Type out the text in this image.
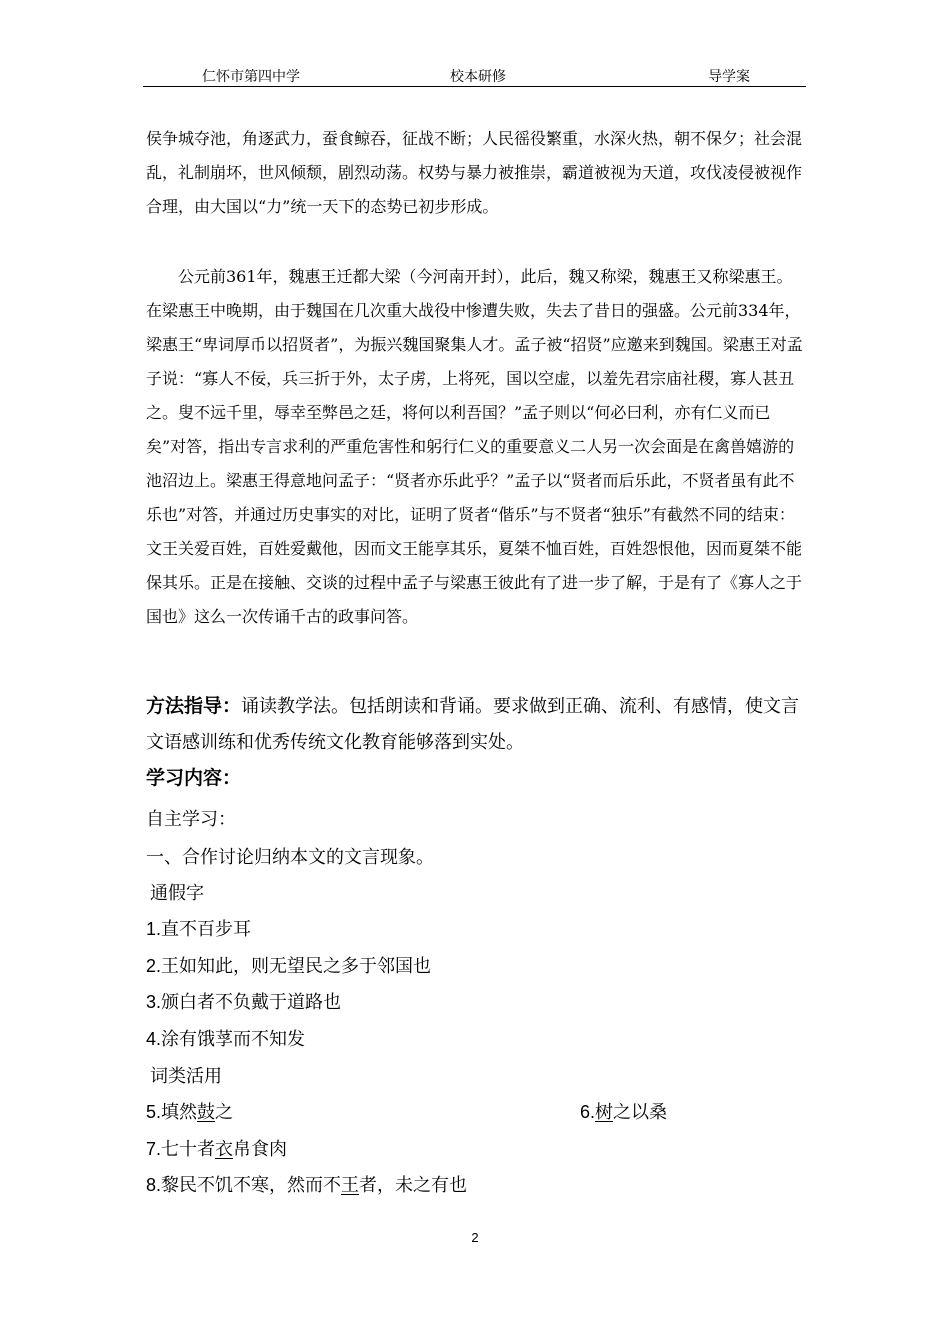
仁怀市第四中学	校本研修	导学案

侯争城夺池，角逐武力，蚕食鲸吞，征战不断；人民徭役繁重，水深火热，朝不保夕；社会混乱，礼制崩坏，世风倾颓，剧烈动荡。权势与暴力被推崇，霸道被视为天道，攻伐凌侵被视作合理，由大国以“力”统一天下的态势已初步形成。

公元前361年，魏惠王迁都大梁（今河南开封），此后，魏又称梁，魏惠王又称梁惠王。在梁惠王中晚期，由于魏国在几次重大战役中惨遭失败，失去了昔日的强盛。公元前334年，梁惠王“卑词厚币以招贤者”，为振兴魏国聚集人才。孟子被“招贤”应邀来到魏国。梁惠王对孟子说：“寡人不佞，兵三折于外，太子虏，上将死，国以空虚，以羞先君宗庙社稷，寡人甚丑之。叟不远千里，辱幸至弊邑之廷，将何以利吾国？”孟子则以“何必曰利，亦有仁义而已矣”对答，指出专言求利的严重危害性和躬行仁义的重要意义二人另一次会面是在禽兽嬉游的池沼边上。梁惠王得意地问孟子：“贤者亦乐此乎？”孟子以“贤者而后乐此，不贤者虽有此不乐也”对答，并通过历史事实的对比，证明了贤者“偕乐”与不贤者“独乐”有截然不同的结束：文王关爱百姓，百姓爱戴他，因而文王能享其乐，夏桀不恤百姓，百姓怨恨他，因而夏桀不能保其乐。正是在接触、交谈的过程中孟子与梁惠王彼此有了进一步了解，于是有了《寡人之于国也》这么一次传诵千古的政事问答。

方法指导：诵读教学法。包括朗读和背诵。要求做到正确、流利、有感情，使文言文语感训练和优秀传统文化教育能够落到实处。

学习内容：
自主学习：
一、合作讨论归纳本文的文言现象。
通假字
1.直不百步耳
2.王如知此，则无望民之多于邻国也
3.颁白者不负戴于道路也
4.涂有饿莩而不知发
词类活用
5.填然鼓之	6.树之以桑
7.七十者衣帛食肉
8.黎民不饥不寒，然而不王者，未之有也
2
